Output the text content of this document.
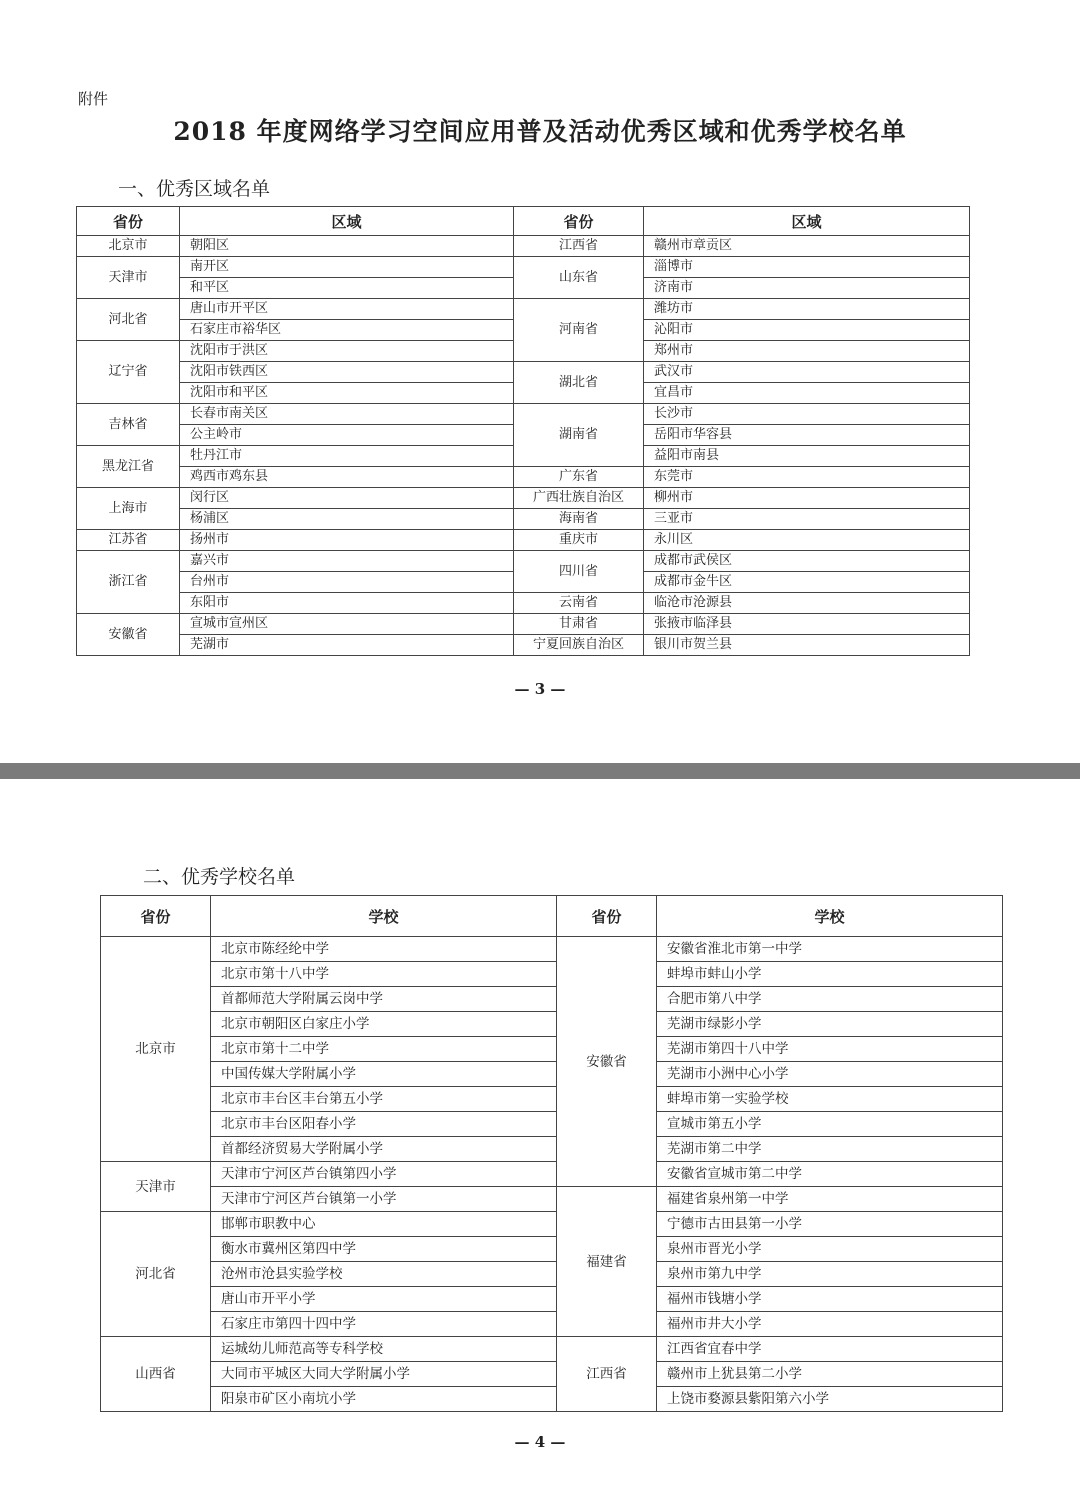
附件
2018 年度网络学习空间应用普及活动优秀区域和优秀学校名单
一、优秀区域名单
省份	区域	省份	区域
北京市	朝阳区	江西省	赣州市章贡区
天津市	南开区	山东省	淄博市
	和平区		济南市
河北省	唐山市开平区	河南省	潍坊市
	石家庄市裕华区		沁阳市
辽宁省	沈阳市于洪区		郑州市
	沈阳市铁西区	湖北省	武汉市
	沈阳市和平区		宜昌市
吉林省	长春市南关区	湖南省	长沙市
	公主岭市		岳阳市华容县
黑龙江省	牡丹江市		益阳市南县
	鸡西市鸡东县	广东省	东莞市
上海市	闵行区	广西壮族自治区	柳州市
	杨浦区	海南省	三亚市
江苏省	扬州市	重庆市	永川区
浙江省	嘉兴市	四川省	成都市武侯区
	台州市		成都市金牛区
	东阳市	云南省	临沧市沧源县
安徽省	宣城市宣州区	甘肃省	张掖市临泽县
	芜湖市	宁夏回族自治区	银川市贺兰县
— 3 —
二、优秀学校名单
省份	学校	省份	学校
北京市	北京市陈经纶中学	安徽省	安徽省淮北市第一中学
	北京市第十八中学		蚌埠市蚌山小学
	首都师范大学附属云岗中学		合肥市第八中学
	北京市朝阳区白家庄小学		芜湖市绿影小学
	北京市第十二中学		芜湖市第四十八中学
	中国传媒大学附属小学		芜湖市小洲中心小学
	北京市丰台区丰台第五小学		蚌埠市第一实验学校
	北京市丰台区阳春小学		宣城市第五小学
	首都经济贸易大学附属小学		芜湖市第二中学
天津市	天津市宁河区芦台镇第四小学		安徽省宣城市第二中学
	天津市宁河区芦台镇第一小学	福建省	福建省泉州第一中学
河北省	邯郸市职教中心		宁德市古田县第一小学
	衡水市冀州区第四中学		泉州市晋光小学
	沧州市沧县实验学校		泉州市第九中学
	唐山市开平小学		福州市钱塘小学
	石家庄市第四十四中学		福州市井大小学
山西省	运城幼儿师范高等专科学校	江西省	江西省宜春中学
	大同市平城区大同大学附属小学		赣州市上犹县第二小学
	阳泉市矿区小南坑小学		上饶市婺源县紫阳第六小学
— 4 —
